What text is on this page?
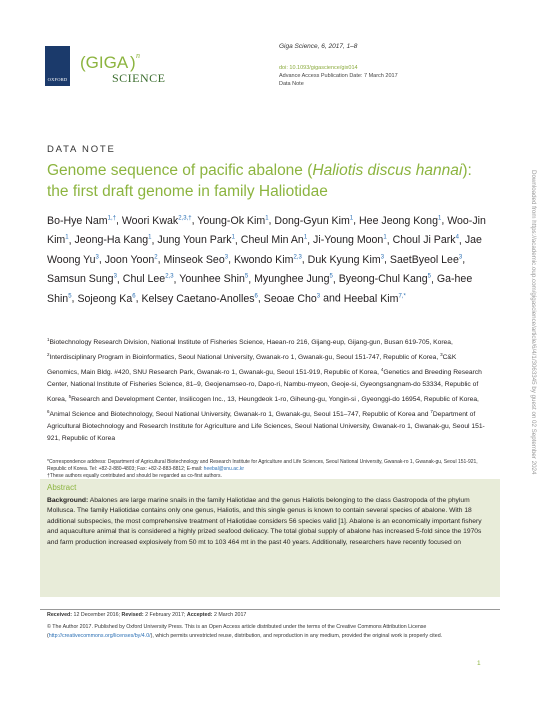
OXFORD
(GIGA ) n
SCIENCE
Giga Science, 6, 2017, 1–8
doi: 10.1093/gigascience/gix014
Advance Access Publication Date: 7 March 2017
Data Note
DATA NOTE
Genome sequence of pacific abalone (Haliotis discus hannai): the first draft genome in family Haliotidae
Bo-Hye Nam$^{1,\dagger}$, Woori Kwak$^{2,3,\dagger}$, Young-Ok Kim$^1$, Dong-Gyun Kim$^1$, Hee Jeong Kong$^1$, Woo-Jin Kim$^1$, Jeong-Ha Kang$^1$, Jung Youn Park$^1$, Cheul Min An$^1$, Ji-Young Moon$^1$, Choul Ji Park$^4$, Jae Woong Yu$^3$, Joon Yoon$^2$, Minseok Seo$^3$, Kwondo Kim$^{2,3}$, Duk Kyung Kim$^3$, SaetByeol Lee$^3$, Samsun Sung$^3$, Chul Lee$^{2,3}$, Younhee Shin$^5$, Myunghee Jung$^5$, Byeong-Chul Kang$^5$, Ga-hee Shin$^5$, Sojeong Ka$^6$, Kelsey Caetano-Anolles$^6$, Seoae Cho$^3$ and Heebal Kim$^{7,*}$
$^1$Biotechnology Research Division, National Institute of Fisheries Science, Haean-ro 216, Gijang-eup, Gijang-gun, Busan 619-705, Korea, $^2$Interdisciplinary Program in Bioinformatics, Seoul National University, Gwanak-ro 1, Gwanak-gu, Seoul 151-747, Republic of Korea, $^3$C&K Genomics, Main Bldg. #420, SNU Research Park, Gwanak-ro 1, Gwanak-gu, Seoul 151-919, Republic of Korea, $^4$Genetics and Breeding Research Center, National Institute of Fisheries Science, 81–9, Geojenamseo-ro, Dapo-ri, Nambu-myeon, Geoje-si, Gyeongsangnam-do 53334, Republic of Korea, $^5$Research and Development Center, Insilicogen Inc., 13, Heungdeok 1-ro, Giheung-gu, Yongin-si , Gyeonggi-do 16954, Republic of Korea, $^6$Animal Science and Biotechnology, Seoul National University, Gwanak-ro 1, Gwanak-gu, Seoul 151–747, Republic of Korea and $^7$Department of Agricultural Biotechnology and Research Institute for Agriculture and Life Sciences, Seoul National University, Gwanak-ro 1, Gwanak-gu, Seoul 151-921, Republic of Korea
*Correspondence address: Department of Agricultural Biotechnology and Research Institute for Agriculture and Life Sciences, Seoul National University, Gwanak-ro 1, Gwanak-gu, Seoul 151-921, Republic of Korea. Tel: +82-2-880-4803; Fax: +82-2-883-8812; E-mail: heebal@snu.ac.kr
†These authors equally contributed and should be regarded as co-first authors.
Abstract
Background: Abalones are large marine snails in the family Haliotidae and the genus Haliotis belonging to the class Gastropoda of the phylum Mollusca. The family Haliotidae contains only one genus, Haliotis, and this single genus is known to contain several species of abalone. With 18 additional subspecies, the most comprehensive treatment of Haliotidae considers 56 species valid [1]. Abalone is an economically important fishery and aquaculture animal that is considered a highly prized seafood delicacy. The total global supply of abalone has increased 5-fold since the 1970s and farm production increased explosively from 50 mt to 103 464 mt in the past 40 years. Additionally, researchers have recently focused on
Received: 12 December 2016; Revised: 2 February 2017; Accepted: 2 March 2017
© The Author 2017. Published by Oxford University Press. This is an Open Access article distributed under the terms of the Creative Commons Attribution License (http://creativecommons.org/licenses/by/4.0/), which permits unrestricted reuse, distribution, and reproduction in any medium, provided the original work is properly cited.
1
Downloaded from https://academic.oup.com/gigascience/article/6/4/1/3063345 by guest on 02 September 2024
